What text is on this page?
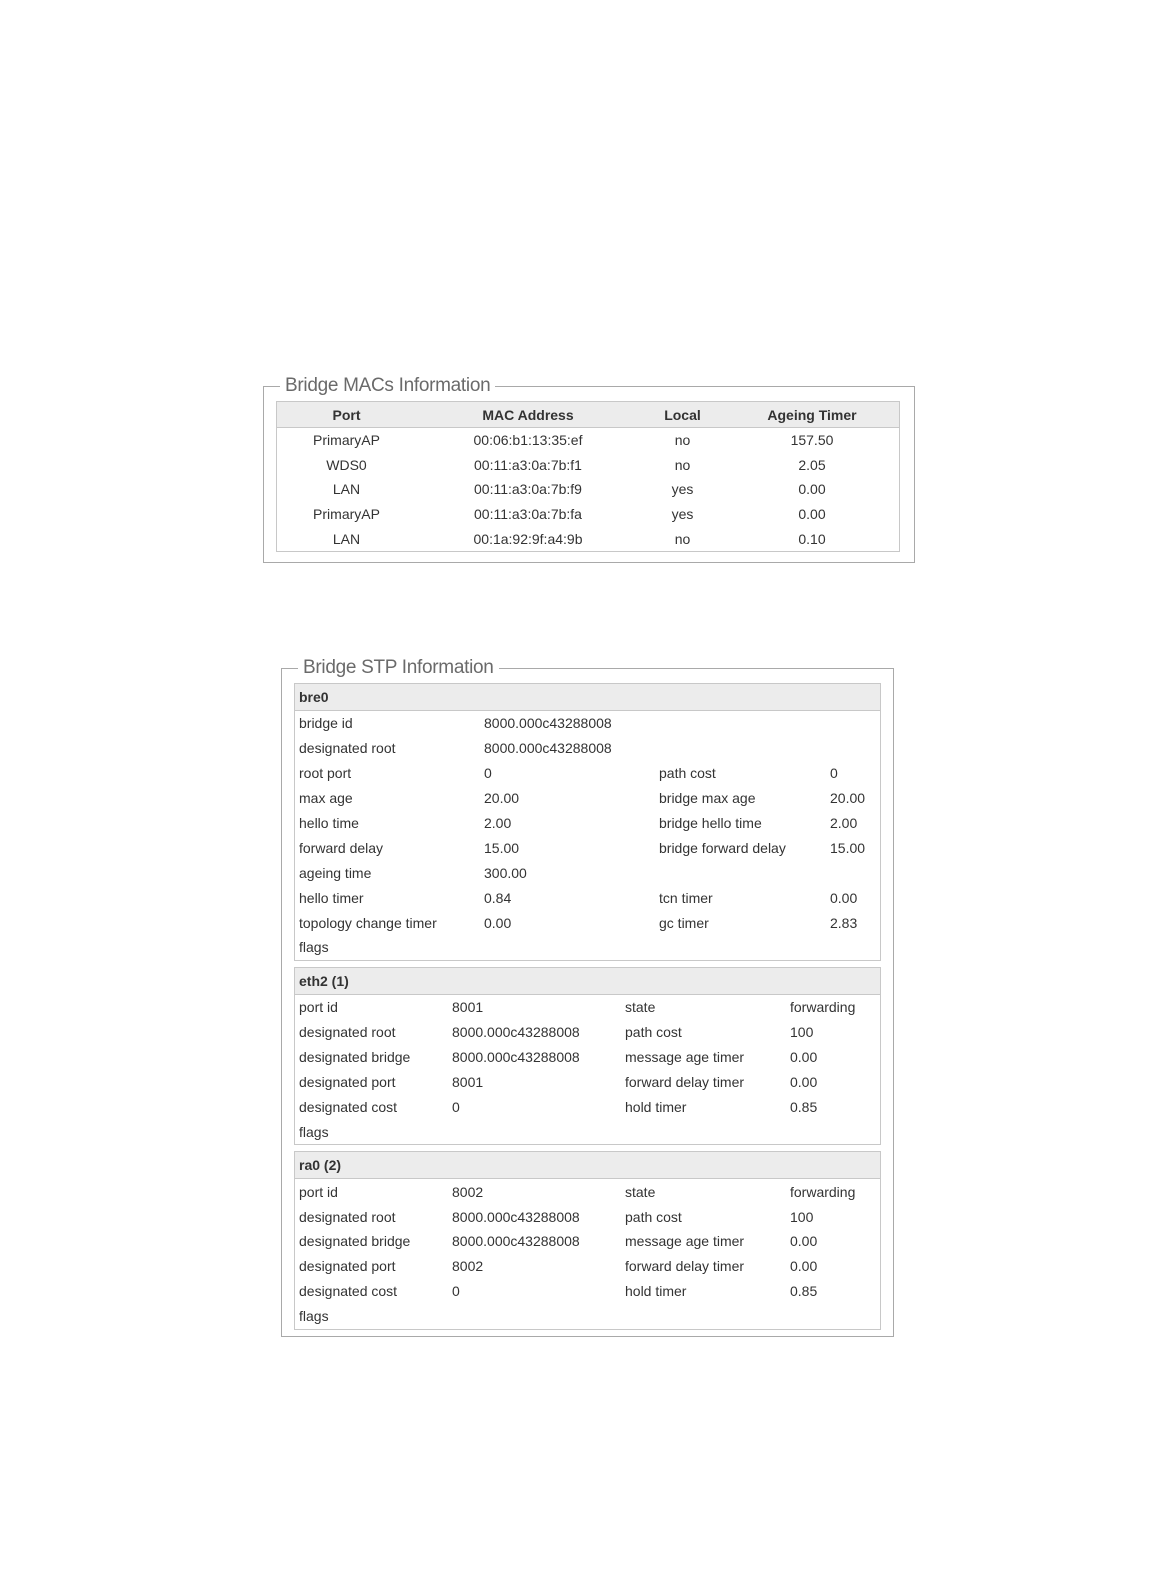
Bridge MACs Information
Port	MAC Address	Local	Ageing Timer
PrimaryAP	00:06:b1:13:35:ef	no	157.50
WDS0	00:11:a3:0a:7b:f1	no	2.05
LAN	00:11:a3:0a:7b:f9	yes	0.00
PrimaryAP	00:11:a3:0a:7b:fa	yes	0.00
LAN	00:1a:92:9f:a4:9b	no	0.10
Bridge STP Information
bre0
bridge id	8000.000c43288008		
designated root	8000.000c43288008		
root port	0	path cost	0
max age	20.00	bridge max age	20.00
hello time	2.00	bridge hello time	2.00
forward delay	15.00	bridge forward delay	15.00
ageing time	300.00		
hello timer	0.84	tcn timer	0.00
topology change timer	0.00	gc timer	2.83
flags			
eth2 (1)
port id	8001	state	forwarding
designated root	8000.000c43288008	path cost	100
designated bridge	8000.000c43288008	message age timer	0.00
designated port	8001	forward delay timer	0.00
designated cost	0	hold timer	0.85
flags			
ra0 (2)
port id	8002	state	forwarding
designated root	8000.000c43288008	path cost	100
designated bridge	8000.000c43288008	message age timer	0.00
designated port	8002	forward delay timer	0.00
designated cost	0	hold timer	0.85
flags			
